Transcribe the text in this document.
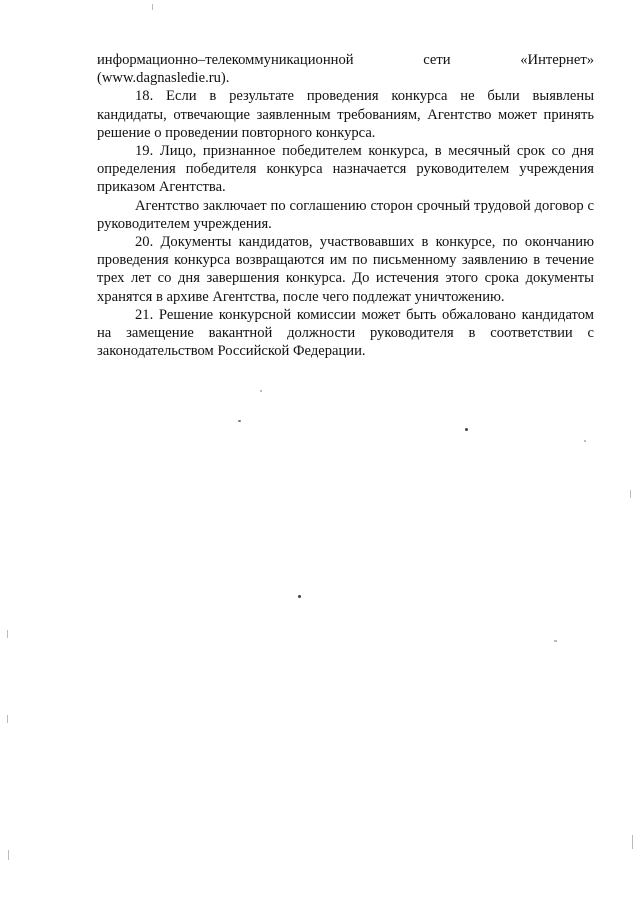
информационно–телекоммуникационной	сети	«Интернет»

(www.dagnasledie.ru).

18. Если в результате проведения конкурса не были выявлены кандидаты, отвечающие заявленным требованиям, Агентство может принять решение о проведении повторного конкурса.

19. Лицо, признанное победителем конкурса, в месячный срок со дня определения победителя конкурса назначается руководителем учреждения приказом Агентства.

Агентство заключает по соглашению сторон срочный трудовой договор с руководителем учреждения.

20. Документы кандидатов, участвовавших в конкурсе, по окончанию проведения конкурса возвращаются им по письменному заявлению в течение трех лет со дня завершения конкурса. До истечения этого срока документы хранятся в архиве Агентства, после чего подлежат уничтожению.

21. Решение конкурсной комиссии может быть обжаловано кандидатом на замещение вакантной должности руководителя в соответствии с законодательством Российской Федерации.
